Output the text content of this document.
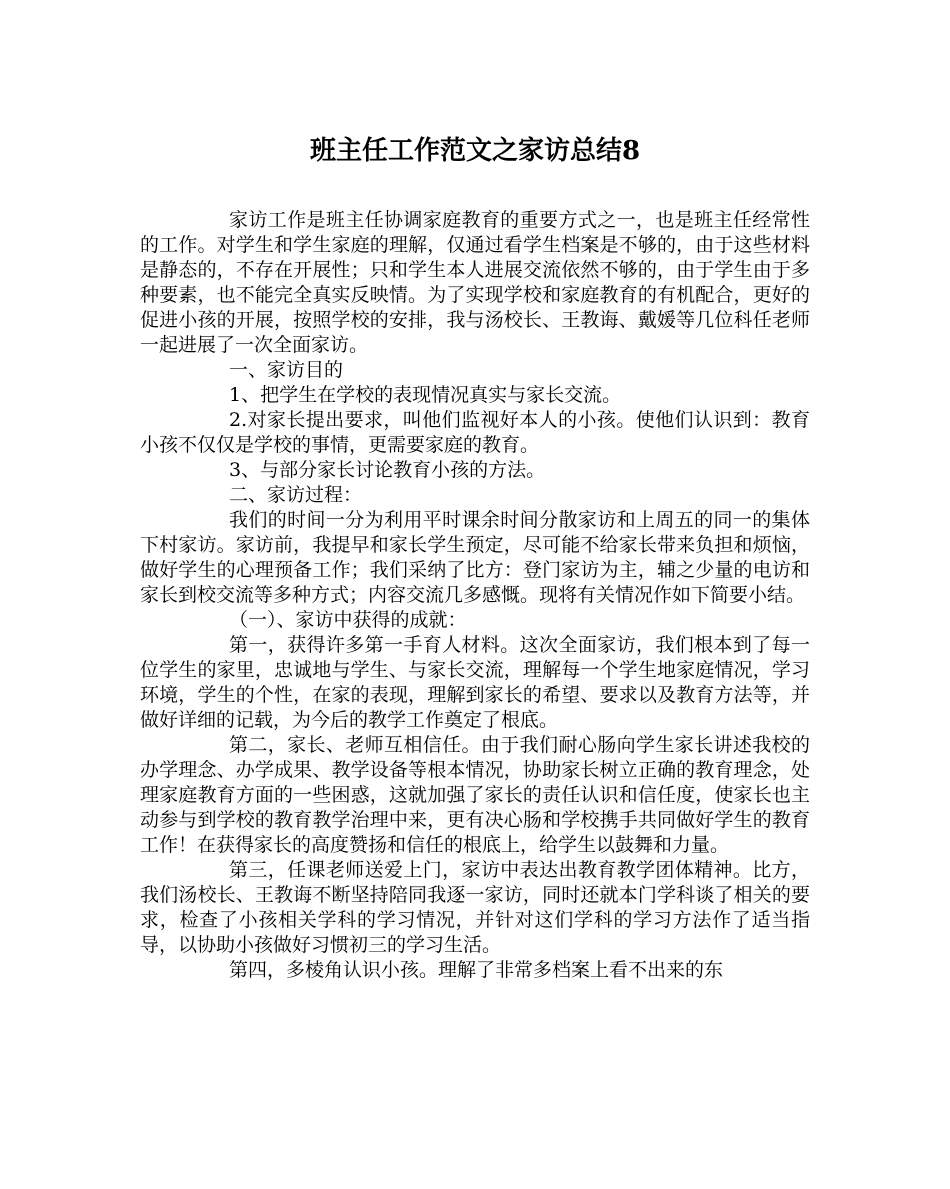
班主任工作范文之家访总结8

家访工作是班主任协调家庭教育的重要方式之一，也是班主任经常性的工作。对学生和学生家庭的理解，仅通过看学生档案是不够的，由于这些材料是静态的，不存在开展性；只和学生本人进展交流依然不够的，由于学生由于多种要素，也不能完全真实反映情。为了实现学校和家庭教育的有机配合，更好的促进小孩的开展，按照学校的安排，我与汤校长、王教诲、戴媛等几位科任老师一起进展了一次全面家访。

一、家访目的

1、把学生在学校的表现情况真实与家长交流。

2.对家长提出要求，叫他们监视好本人的小孩。使他们认识到：教育小孩不仅仅是学校的事情，更需要家庭的教育。

3、与部分家长讨论教育小孩的方法。

二、家访过程：

我们的时间一分为利用平时课余时间分散家访和上周五的同一的集体下村家访。家访前，我提早和家长学生预定，尽可能不给家长带来负担和烦恼，做好学生的心理预备工作；我们采纳了比方：登门家访为主，辅之少量的电访和家长到校交流等多种方式；内容交流几多感慨。现将有关情况作如下简要小结。

（一）、家访中获得的成就：

第一，获得许多第一手育人材料。这次全面家访，我们根本到了每一位学生的家里，忠诚地与学生、与家长交流，理解每一个学生地家庭情况，学习环境，学生的个性，在家的表现，理解到家长的希望、要求以及教育方法等，并做好详细的记载，为今后的教学工作奠定了根底。

第二，家长、老师互相信任。由于我们耐心肠向学生家长讲述我校的办学理念、办学成果、教学设备等根本情况，协助家长树立正确的教育理念，处理家庭教育方面的一些困惑，这就加强了家长的责任认识和信任度，使家长也主动参与到学校的教育教学治理中来，更有决心肠和学校携手共同做好学生的教育工作！在获得家长的高度赞扬和信任的根底上，给学生以鼓舞和力量。

第三，任课老师送爱上门，家访中表达出教育教学团体精神。比方，我们汤校长、王教诲不断坚持陪同我逐一家访，同时还就本门学科谈了相关的要求，检查了小孩相关学科的学习情况，并针对这们学科的学习方法作了适当指导，以协助小孩做好习惯初三的学习生活。

第四，多棱角认识小孩。理解了非常多档案上看不出来的东
